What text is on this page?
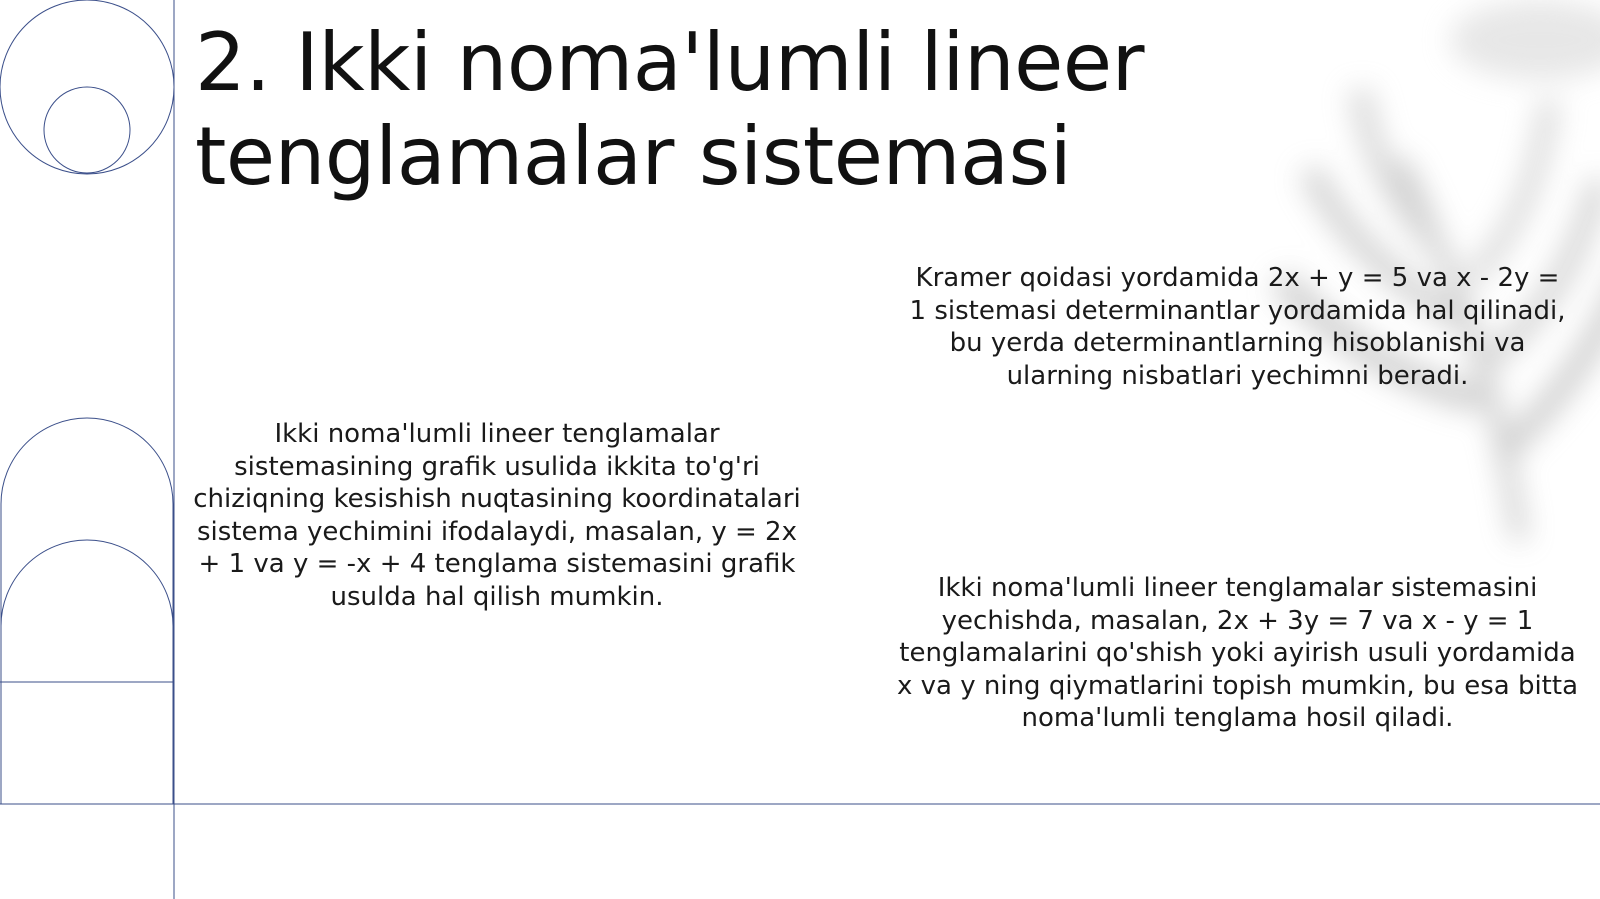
2. Ikki noma'lumli lineer tenglamalar sistemasi

Ikki noma'lumli lineer tenglamalar sistemasining grafik usulida ikkita to'g'ri chiziqning kesishish nuqtasining koordinatalari sistema yechimini ifodalaydi, masalan, y = 2x + 1 va y = -x + 4 tenglama sistemasini grafik usulda hal qilish mumkin.

Kramer qoidasi yordamida 2x + y = 5 va x - 2y = 1 sistemasi determinantlar yordamida hal qilinadi, bu yerda determinantlarning hisoblanishi va ularning nisbatlari yechimni beradi.

Ikki noma'lumli lineer tenglamalar sistemasini yechishda, masalan, 2x + 3y = 7 va x - y = 1 tenglamalarini qo'shish yoki ayirish usuli yordamida x va y ning qiymatlarini topish mumkin, bu esa bitta noma'lumli tenglama hosil qiladi.
